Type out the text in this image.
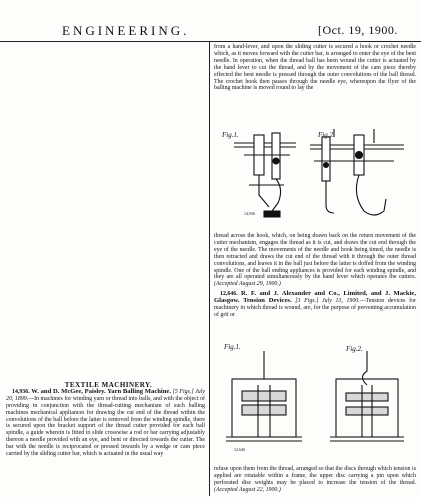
ENGINEERING.	[Oct. 19, 1900.

from a hand-lever, and upon the sliding cutter is secured a hook or crochet needle which, as it moves forward with the cutter bar, is arranged to enter the eye of the bent needle. In operation, when the thread ball has been wound the cutter is actuated by the hand lever to cut the thread, and by the movement of the cam piece thereby effected the bent needle is pressed through the outer convolutions of the ball thread. The crochet hook then passes through the needle eye, whereupon the flyer of the balling machine is moved round to lay the

Fig.1.	Fig.2.
14,936

thread across the hook, which, on being drawn back on the return movement of the cutter mechanism, engages the thread as it is cut, and draws the cut end through the eye of the needle. The movements of the needle and hook being timed, the needle is then retracted and draws the cut end of the thread with it through the outer thread convolutions, and leaves it in the ball just before the latter is doffed from the winding spindle. One of the ball ending appliances is provided for each winding spindle, and they are all operated simultaneously by the hand lever which operates the cutters. (Accepted August 29, 1900.)

12,646. R. F. and J. Alexander and Co., Limited, and J. Mackie, Glasgow. Tension Devices. [3 Figs.] July 13, 1900.—Tension devices for machinery in which thread is wound, are, for the purpose of preventing accumulation of grit or

Fig.1.	Fig.2.
12,646

refuse upon them from the thread, arranged so that the discs through which tension is applied are rotatable within a frame, the upper disc carrying a pin upon which perforated disc weights may be placed to increase the tension of the thread. (Accepted August 22, 1900.)

TEXTILE MACHINERY.

14,936. W. and D. McGee, Paisley. Yarn Balling Machine. [5 Figs.] July 20, 1899.—In machines for winding yarn or thread into balls, and with the object of providing in conjunction with the thread-cutting mechanism of such balling machines mechanical appliances for drawing the cut end of the thread within the convolutions of the ball before the latter is removed from the winding spindle, there is secured upon the bracket support of the thread cutter provided for each ball spindle, a guide wherein is fitted to slide crosswise a rod or bar carrying adjustably thereon a needle provided with an eye, and bent or directed towards the cutter. The bar with the needle is reciprocated or pressed inwards by a wedge or cam piece carried by the sliding cutter bar, which is actuated in the usual way
